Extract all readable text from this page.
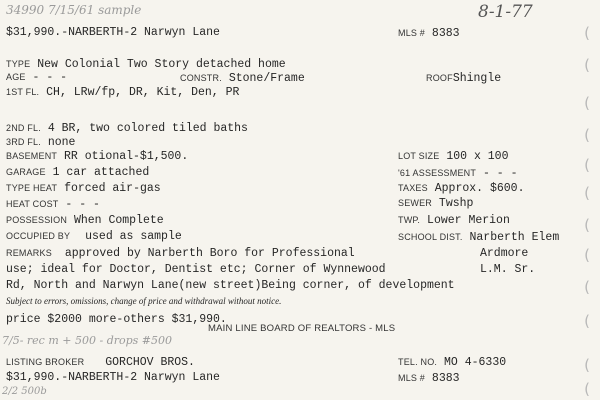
34990 7/15/61 sample	8-1-77
$31,990.-NARBERTH-2 Narwyn Lane	MLS # 8383	(
TYPE New Colonial Two Story detached home	(
AGE - - -	CONSTR. Stone/Frame	ROOFShingle
1ST FL. CH, LRw/fp, DR, Kit, Den, PR
(
2ND FL. 4 BR, two colored tiled baths	(
3RD FL. none
BASEMENT RR otional-$1,500.	LOT SIZE 100 x 100	(
GARAGE 1 car attached	'61 ASSESSMENT - - -
TYPE HEAT forced air-gas	TAXES Approx. $600.	(
HEAT COST - - -	SEWER Twshp
POSSESSION When Complete	TWP. Lower Merion	(
OCCUPIED BY used as sample	SCHOOL DIST. Narberth Elem
REMARKS approved by Narberth Boro for Professional	Ardmore	(
use; ideal for Doctor, Dentist etc; Corner of Wynnewood	L.M. Sr.
Rd, North and Narwyn Lane(new street)Being corner, of development	(
Subject to errors, omissions, change of price and withdrawal without notice.
price $2000 more-others $31,990.
MAIN LINE BOARD OF REALTORS - MLS	(
7/5- rec m + 500 - drops #500
LISTING BROKER GORCHOV BROS.	TEL. NO. MO 4-6330	(
$31,990.-NARBERTH-2 Narwyn Lane	MLS # 8383
2/2 500b	(
